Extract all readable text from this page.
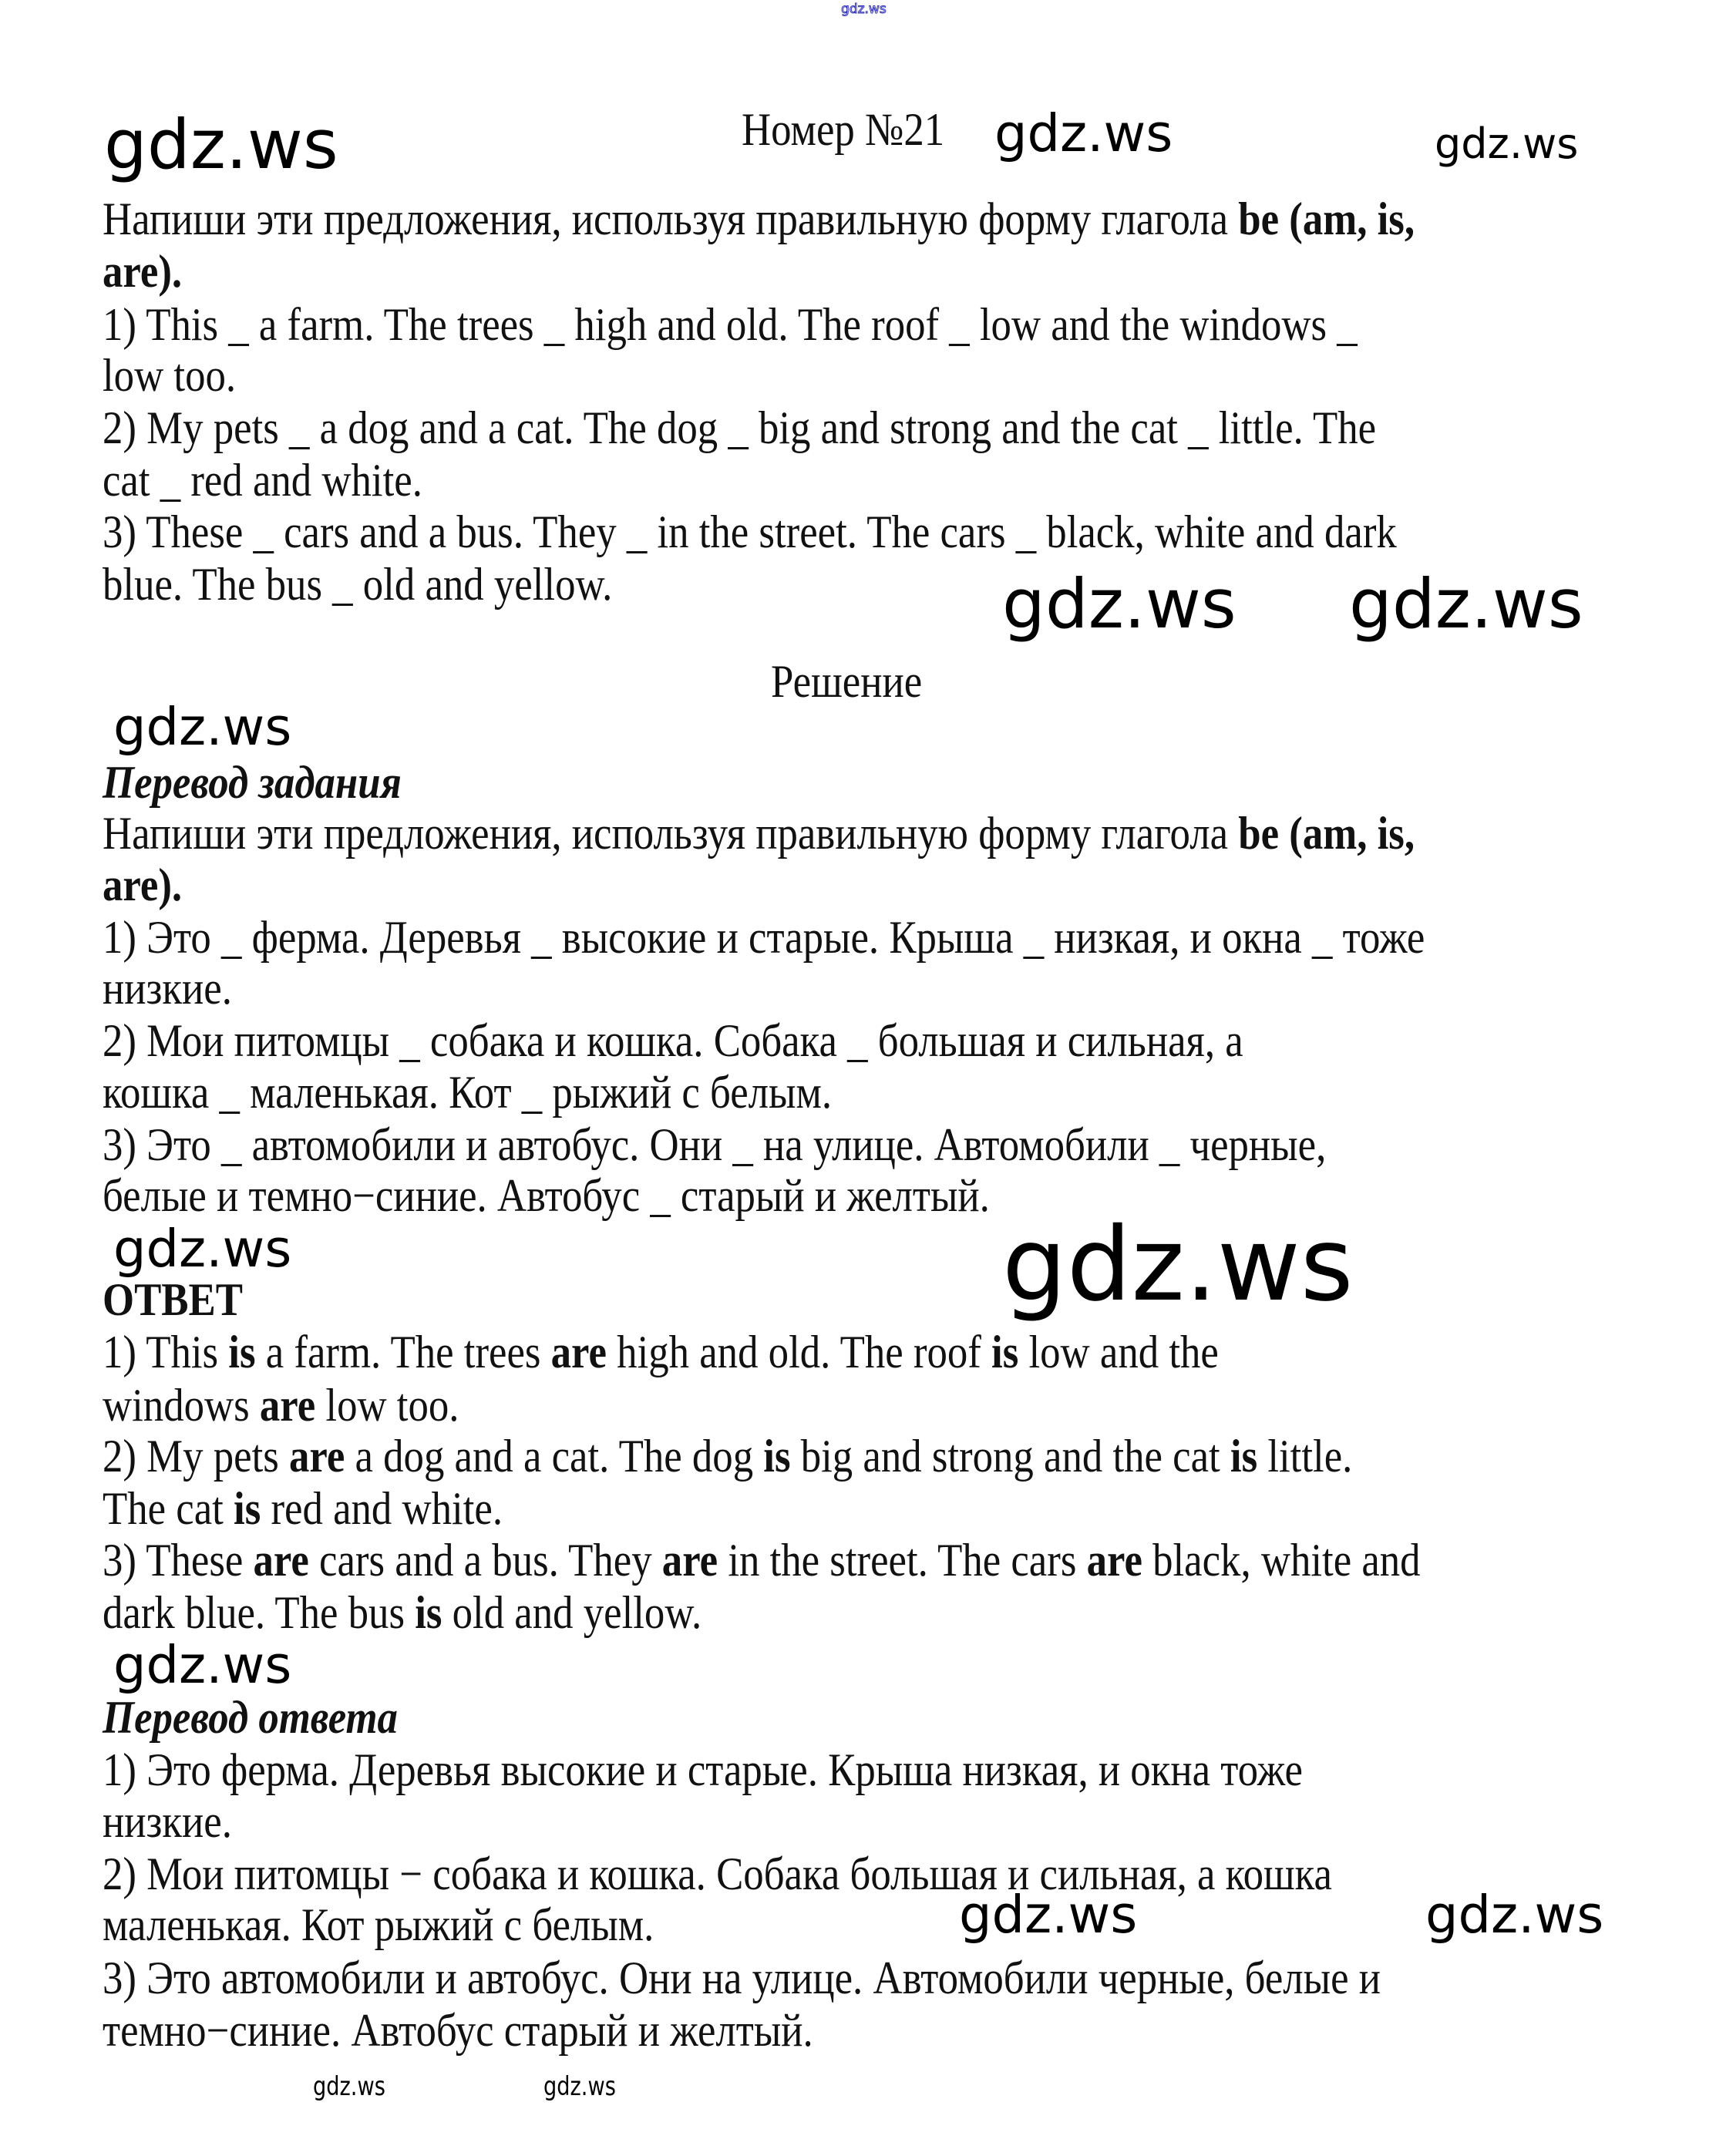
Номер №21
Напиши эти предложения, используя правильную форму глагола be (am, is,
are).
1) This _ a farm. The trees _ high and old. The roof _ low and the windows _
low too.
2) My pets _ a dog and a cat. The dog _ big and strong and the cat _ little. The
cat _ red and white.
3) These _ cars and a bus. They _ in the street. The cars _ black, white and dark
blue. The bus _ old and yellow.
Решение
Перевод задания
Напиши эти предложения, используя правильную форму глагола be (am, is,
are).
1) Это _ ферма. Деревья _ высокие и старые. Крыша _ низкая, и окна _ тоже
низкие.
2) Мои питомцы _ собака и кошка. Собака _ большая и сильная, а
кошка _ маленькая. Кот _ рыжий с белым.
3) Это _ автомобили и автобус. Они _ на улице. Автомобили _ черные,
белые и темно−синие. Автобус _ старый и желтый.
ОТВЕТ
1) This is a farm. The trees are high and old. The roof is low and the
windows are low too.
2) My pets are a dog and a cat. The dog is big and strong and the cat is little.
The cat is red and white.
3) These are cars and a bus. They are in the street. The cars are black, white and
dark blue. The bus is old and yellow.
Перевод ответа
1) Это ферма. Деревья высокие и старые. Крыша низкая, и окна тоже
низкие.
2) Мои питомцы − собака и кошка. Собака большая и сильная, а кошка
маленькая. Кот рыжий с белым.
3) Это автомобили и автобус. Они на улице. Автомобили черные, белые и
темно−синие. Автобус старый и желтый.
gdz.ws
gdz.ws	gdz.ws	gdz.ws
gdz.ws gdz.ws
gdz.ws
gdz.ws	gdz.ws
gdz.ws
gdz.ws	gdz.ws
gdz.ws	gdz.ws
